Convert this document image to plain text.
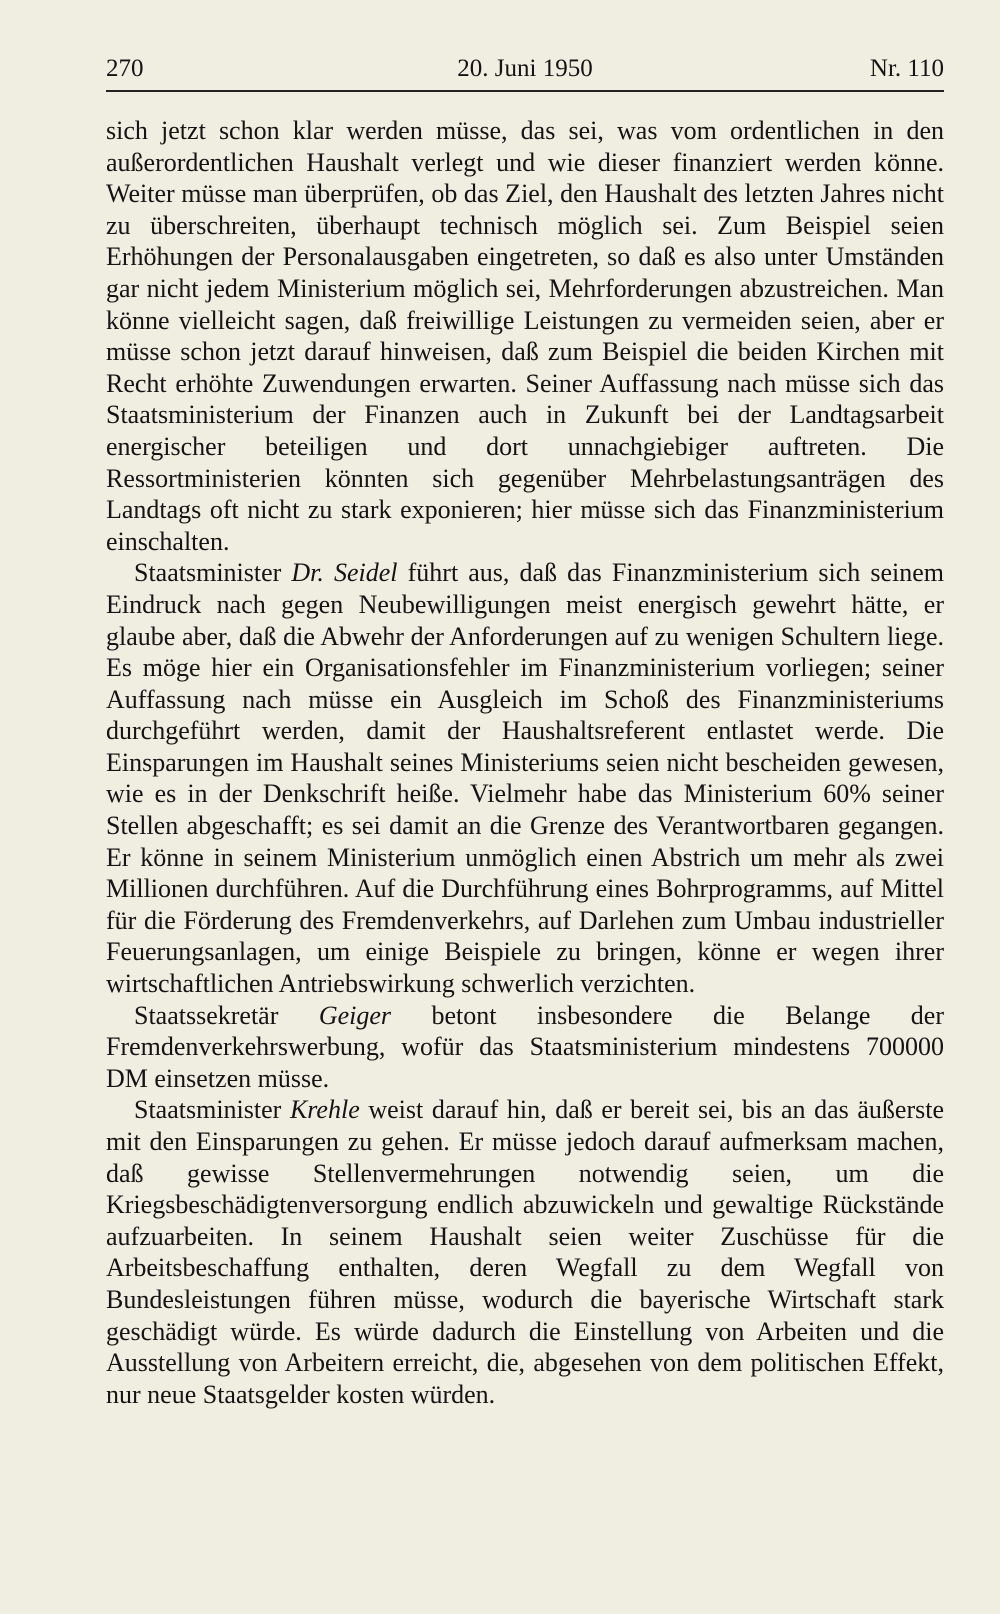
270	20. Juni 1950	Nr. 110

sich jetzt schon klar werden müsse, das sei, was vom ordentlichen in den außerordentlichen Haushalt verlegt und wie dieser finanziert werden könne. Weiter müsse man überprüfen, ob das Ziel, den Haushalt des letzten Jahres nicht zu überschreiten, überhaupt technisch möglich sei. Zum Beispiel seien Erhöhungen der Personalausgaben eingetreten, so daß es also unter Umständen gar nicht jedem Ministerium möglich sei, Mehrforderungen abzustreichen. Man könne vielleicht sagen, daß freiwillige Leistungen zu vermeiden seien, aber er müsse schon jetzt darauf hinweisen, daß zum Beispiel die beiden Kirchen mit Recht erhöhte Zuwendungen erwarten. Seiner Auffassung nach müsse sich das Staatsministerium der Finanzen auch in Zukunft bei der Landtagsarbeit energischer beteiligen und dort unnachgiebiger auftreten. Die Ressortministerien könnten sich gegenüber Mehrbelastungsanträgen des Landtags oft nicht zu stark exponieren; hier müsse sich das Finanzministerium einschalten.

Staatsminister Dr. Seidel führt aus, daß das Finanzministerium sich seinem Eindruck nach gegen Neubewilligungen meist energisch gewehrt hätte, er glaube aber, daß die Abwehr der Anforderungen auf zu wenigen Schultern liege. Es möge hier ein Organisationsfehler im Finanzministerium vorliegen; seiner Auffassung nach müsse ein Ausgleich im Schoß des Finanzministeriums durchgeführt werden, damit der Haushaltsreferent entlastet werde. Die Einsparungen im Haushalt seines Ministeriums seien nicht bescheiden gewesen, wie es in der Denkschrift heiße. Vielmehr habe das Ministerium 60% seiner Stellen abgeschafft; es sei damit an die Grenze des Verantwortbaren gegangen. Er könne in seinem Ministerium unmöglich einen Abstrich um mehr als zwei Millionen durchführen. Auf die Durchführung eines Bohrprogramms, auf Mittel für die Förderung des Fremdenverkehrs, auf Darlehen zum Umbau industrieller Feuerungsanlagen, um einige Beispiele zu bringen, könne er wegen ihrer wirtschaftlichen Antriebswirkung schwerlich verzichten.

Staatssekretär Geiger betont insbesondere die Belange der Fremdenverkehrswerbung, wofür das Staatsministerium mindestens 700000 DM einsetzen müsse.

Staatsminister Krehle weist darauf hin, daß er bereit sei, bis an das äußerste mit den Einsparungen zu gehen. Er müsse jedoch darauf aufmerksam machen, daß gewisse Stellenvermehrungen notwendig seien, um die Kriegsbeschädigtenversorgung endlich abzuwickeln und gewaltige Rückstände aufzuarbeiten. In seinem Haushalt seien weiter Zuschüsse für die Arbeitsbeschaffung enthalten, deren Wegfall zu dem Wegfall von Bundesleistungen führen müsse, wodurch die bayerische Wirtschaft stark geschädigt würde. Es würde dadurch die Einstellung von Arbeiten und die Ausstellung von Arbeitern erreicht, die, abgesehen von dem politischen Effekt, nur neue Staatsgelder kosten würden.
